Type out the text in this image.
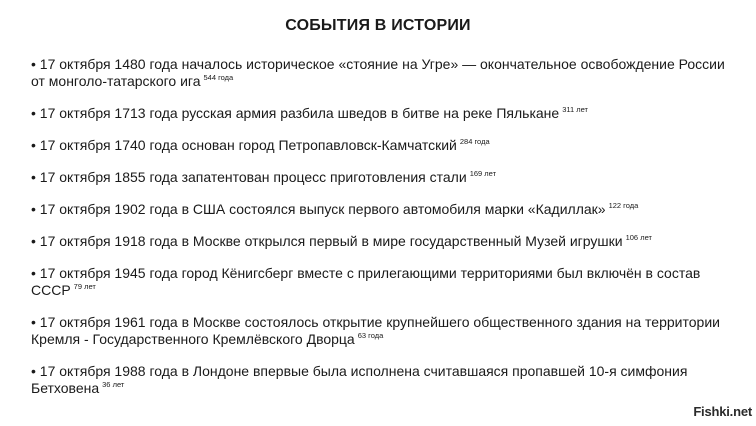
СОБЫТИЯ В ИСТОРИИ
• 17 октября 1480 года началось историческое «стояние на Угре» — окончательное освобождение России от монголо-татарского ига $^{544 года}$
• 17 октября 1713 года русская армия разбила шведов в битве на реке Пялькане $^{311 лет}$
• 17 октября 1740 года основан город Петропавловск-Камчатский $^{284 года}$
• 17 октября 1855 года запатентован процесс приготовления стали $^{169 лет}$
• 17 октября 1902 года в США состоялся выпуск первого автомобиля марки «Кадиллак» $^{122 года}$
• 17 октября 1918 года в Москве открылся первый в мире государственный Музей игрушки $^{106 лет}$
• 17 октября 1945 года город Кёнигсберг вместе с прилегающими территориями был включён в состав СССР $^{79 лет}$
• 17 октября 1961 года в Москве состоялось открытие крупнейшего общественного здания на территории Кремля - Государственного Кремлёвского Дворца $^{63 года}$
• 17 октября 1988 года в Лондоне впервые была исполнена считавшаяся пропавшей 10-я симфония Бетховена $^{36 лет}$
Fishki.net
